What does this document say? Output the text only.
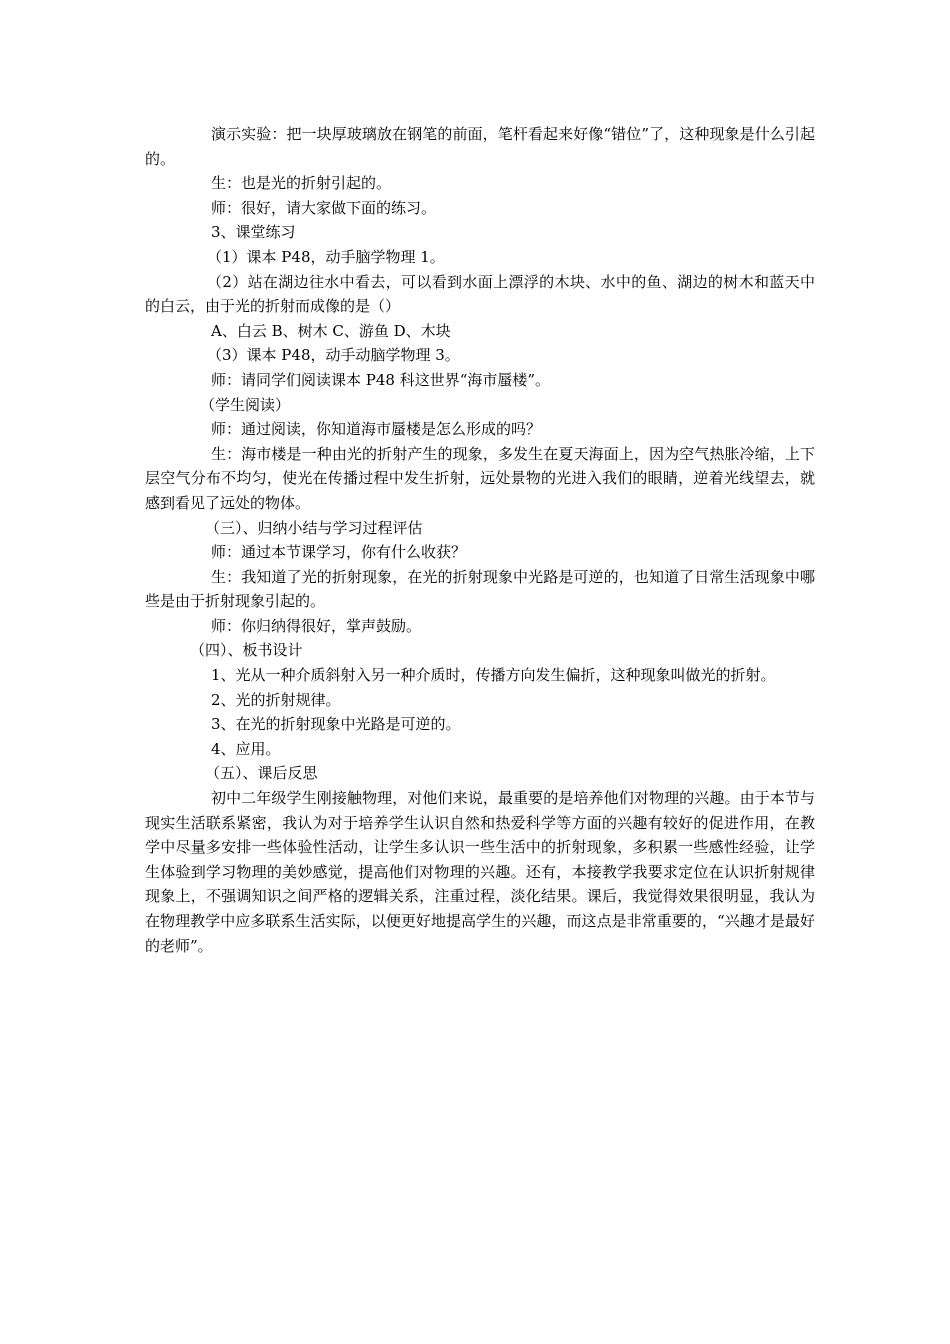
演示实验：把一块厚玻璃放在钢笔的前面，笔杆看起来好像“错位”了，这种现象是什么引起的。

生：也是光的折射引起的。

师：很好，请大家做下面的练习。

3、课堂练习

（1）课本 P48，动手脑学物理 1。

（2）站在湖边往水中看去，可以看到水面上漂浮的木块、水中的鱼、湖边的树木和蓝天中的白云，由于光的折射而成像的是（）

A、白云 B、树木 C、游鱼 D、木块

（3）课本 P48，动手动脑学物理 3。

师：请同学们阅读课本 P48 科这世界“海市蜃楼”。

（学生阅读）

师：通过阅读，你知道海市蜃楼是怎么形成的吗？

生：海市楼是一种由光的折射产生的现象，多发生在夏天海面上，因为空气热胀冷缩，上下层空气分布不均匀，使光在传播过程中发生折射，远处景物的光进入我们的眼睛，逆着光线望去，就感到看见了远处的物体。

（三）、归纳小结与学习过程评估

师：通过本节课学习，你有什么收获？

生：我知道了光的折射现象，在光的折射现象中光路是可逆的，也知道了日常生活现象中哪些是由于折射现象引起的。

师：你归纳得很好，掌声鼓励。

（四）、板书设计

1、光从一种介质斜射入另一种介质时，传播方向发生偏折，这种现象叫做光的折射。

2、光的折射规律。

3、在光的折射现象中光路是可逆的。

4、应用。

（五）、课后反思

初中二年级学生刚接触物理，对他们来说，最重要的是培养他们对物理的兴趣。由于本节与现实生活联系紧密，我认为对于培养学生认识自然和热爱科学等方面的兴趣有较好的促进作用，在教学中尽量多安排一些体验性活动，让学生多认识一些生活中的折射现象，多积累一些感性经验，让学生体验到学习物理的美妙感觉，提高他们对物理的兴趣。还有，本接教学我要求定位在认识折射规律现象上，不强调知识之间严格的逻辑关系，注重过程，淡化结果。课后，我觉得效果很明显，我认为在物理教学中应多联系生活实际，以便更好地提高学生的兴趣，而这点是非常重要的，“兴趣才是最好的老师”。
